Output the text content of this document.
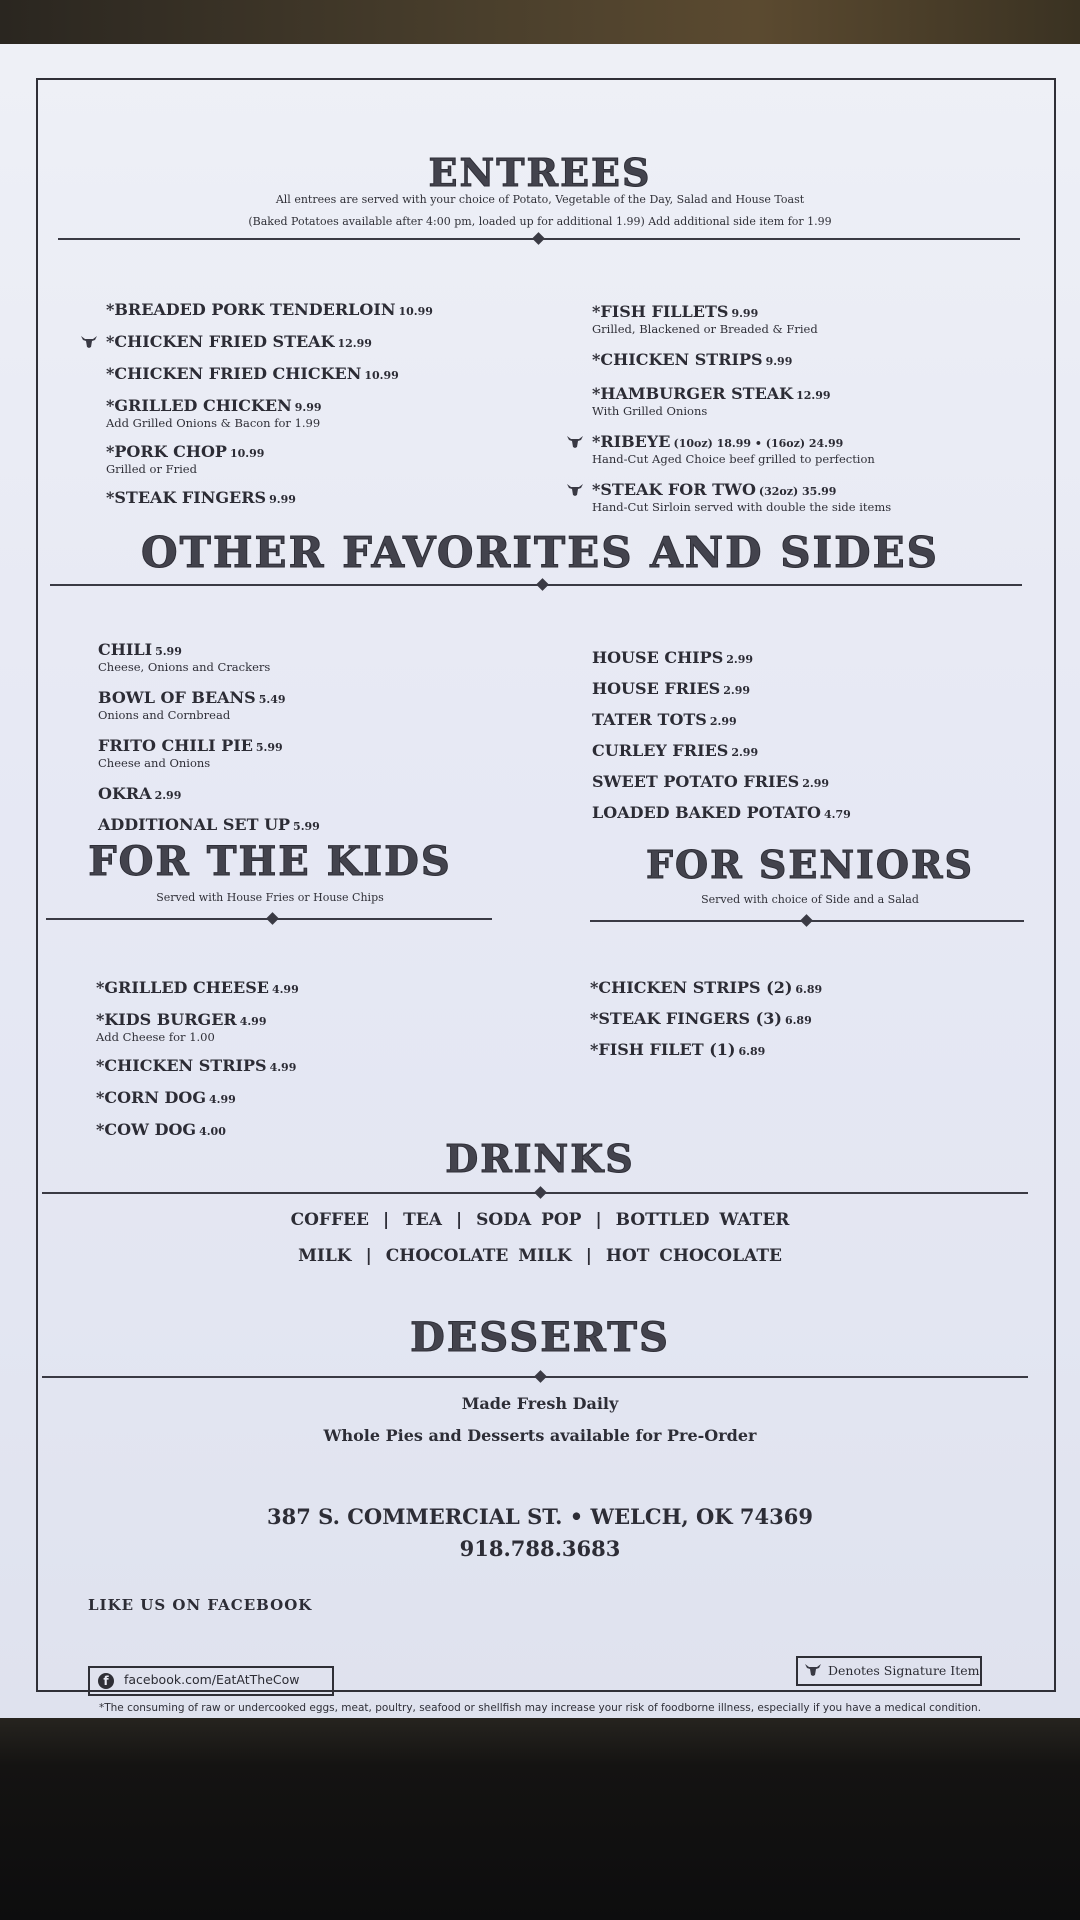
ENTREES
All entrees are served with your choice of Potato, Vegetable of the Day, Salad and House Toast
(Baked Potatoes available after 4:00 pm, loaded up for additional 1.99) Add additional side item for 1.99
*BREADED PORK TENDERLOIN 10.99
*CHICKEN FRIED STEAK 12.99
*CHICKEN FRIED CHICKEN 10.99
*GRILLED CHICKEN 9.99
Add Grilled Onions & Bacon for 1.99
*PORK CHOP 10.99
Grilled or Fried
*STEAK FINGERS 9.99
*FISH FILLETS 9.99
Grilled, Blackened or Breaded & Fried
*CHICKEN STRIPS 9.99
*HAMBURGER STEAK 12.99
With Grilled Onions
*RIBEYE (10oz) 18.99 • (16oz) 24.99
Hand-Cut Aged Choice beef grilled to perfection
*STEAK FOR TWO (32oz) 35.99
Hand-Cut Sirloin served with double the side items
OTHER FAVORITES AND SIDES
CHILI 5.99
Cheese, Onions and Crackers
BOWL OF BEANS 5.49
Onions and Cornbread
FRITO CHILI PIE 5.99
Cheese and Onions
OKRA 2.99
ADDITIONAL SET UP 5.99
HOUSE CHIPS 2.99
HOUSE FRIES 2.99
TATER TOTS 2.99
CURLEY FRIES 2.99
SWEET POTATO FRIES 2.99
LOADED BAKED POTATO 4.79
FOR THE KIDS
Served with House Fries or House Chips
*GRILLED CHEESE 4.99
*KIDS BURGER 4.99
Add Cheese for 1.00
*CHICKEN STRIPS 4.99
*CORN DOG 4.99
*COW DOG 4.00
FOR SENIORS
Served with choice of Side and a Salad
*CHICKEN STRIPS (2) 6.89
*STEAK FINGERS (3) 6.89
*FISH FILET (1) 6.89
DRINKS
COFFEE | TEA | SODA POP | BOTTLED WATER
MILK | CHOCOLATE MILK | HOT CHOCOLATE
DESSERTS
Made Fresh Daily
Whole Pies and Desserts available for Pre-Order
387 S. COMMERCIAL ST. • WELCH, OK 74369
918.788.3683
LIKE US ON FACEBOOK
f	facebook.com/EatAtTheCow
Denotes Signature Item
*The consuming of raw or undercooked eggs, meat, poultry, seafood or shellfish may increase your risk of foodborne illness, especially if you have a medical condition.
